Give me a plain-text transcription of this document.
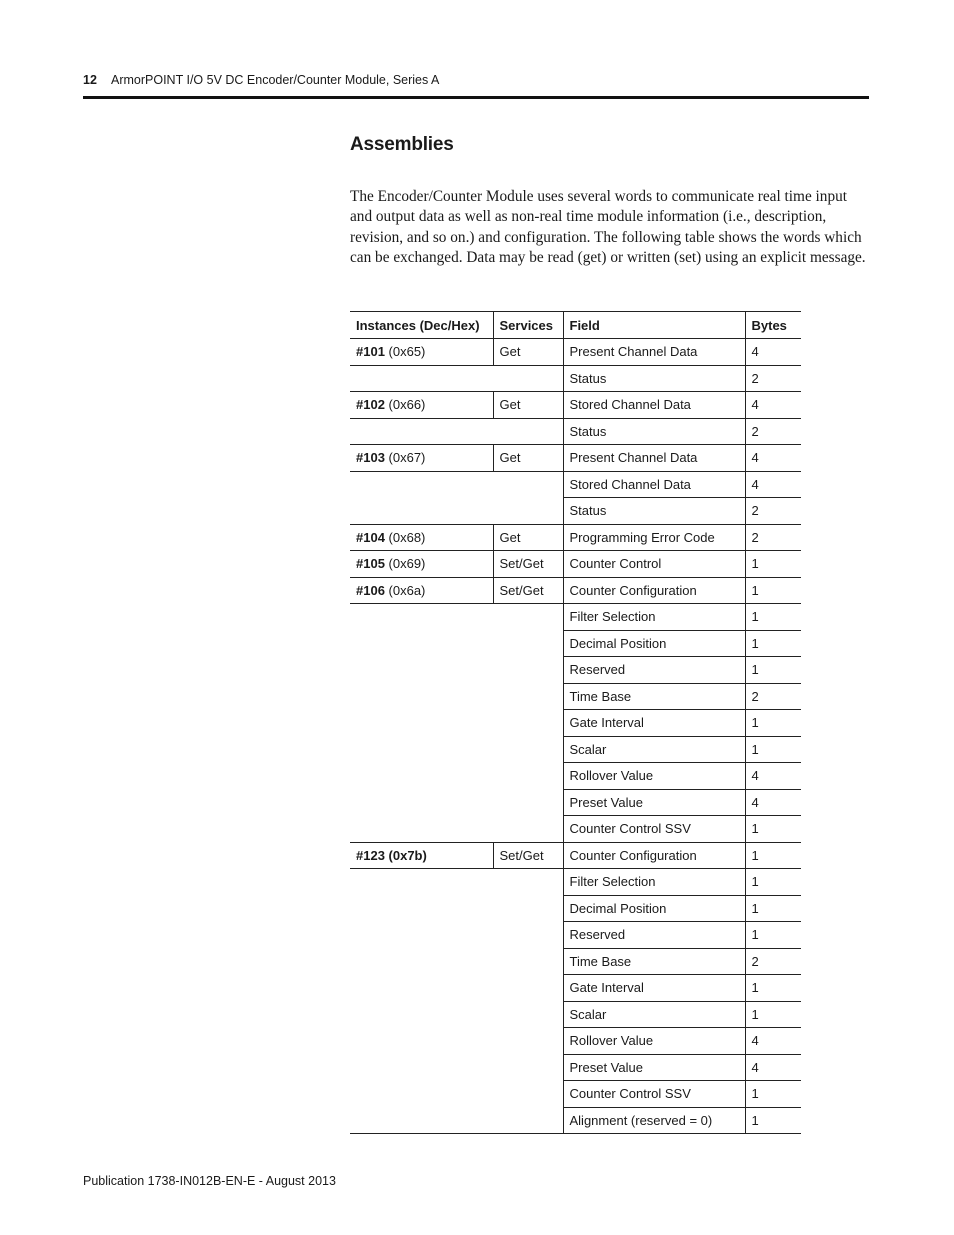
12 ArmorPOINT I/O 5V DC Encoder/Counter Module, Series A
Assemblies

The Encoder/Counter Module uses several words to communicate real time input and output data as well as non-real time module information (i.e., description, revision, and so on.) and configuration. The following table shows the words which can be exchanged. Data may be read (get) or written (set) using an explicit message.

Instances (Dec/Hex)	Services	Field	Bytes
#101 (0x65)	Get	Present Channel Data	4
		Status	2
#102 (0x66)	Get	Stored Channel Data	4
		Status	2
#103 (0x67)	Get	Present Channel Data	4
		Stored Channel Data	4
		Status	2
#104 (0x68)	Get	Programming Error Code	2
#105 (0x69)	Set/Get	Counter Control	1
#106 (0x6a)	Set/Get	Counter Configuration	1
		Filter Selection	1
		Decimal Position	1
		Reserved	1
		Time Base	2
		Gate Interval	1
		Scalar	1
		Rollover Value	4
		Preset Value	4
		Counter Control SSV	1
#123 (0x7b)	Set/Get	Counter Configuration	1
		Filter Selection	1
		Decimal Position	1
		Reserved	1
		Time Base	2
		Gate Interval	1
		Scalar	1
		Rollover Value	4
		Preset Value	4
		Counter Control SSV	1
		Alignment (reserved = 0)	1
Publication 1738-IN012B-EN-E - August 2013
